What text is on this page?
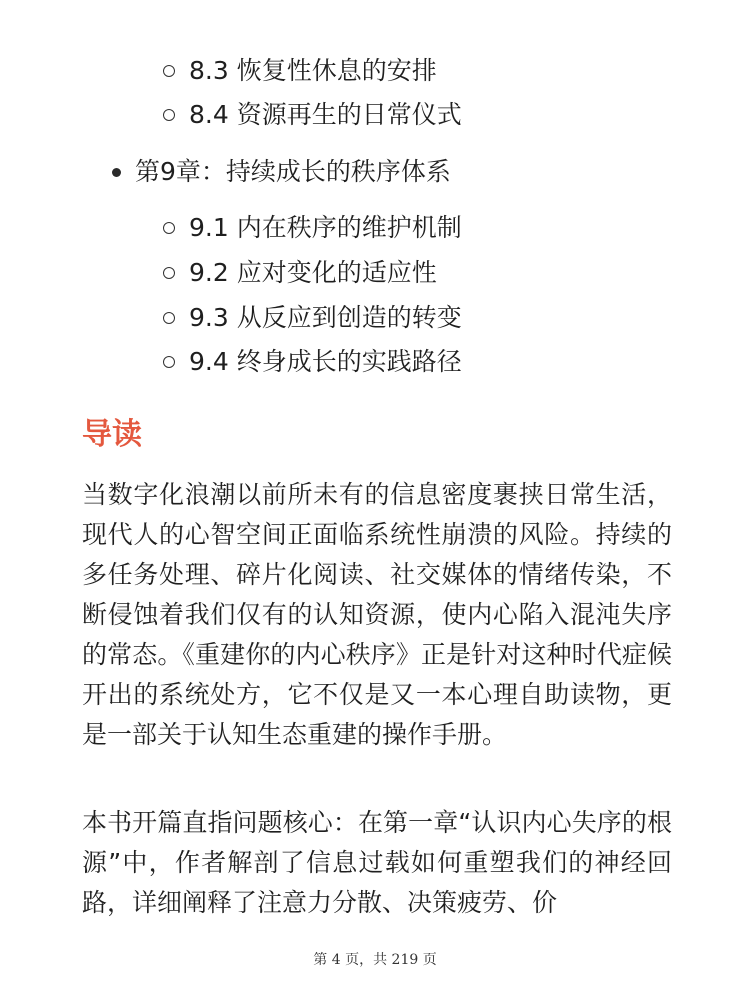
8.3 恢复性休息的安排
8.4 资源再生的日常仪式
第9章：持续成长的秩序体系
9.1 内在秩序的维护机制
9.2 应对变化的适应性
9.3 从反应到创造的转变
9.4 终身成长的实践路径
导读

当数字化浪潮以前所未有的信息密度裹挟日常生活，现代人的心智空间正面临系统性崩溃的风险。持续的多任务处理、碎片化阅读、社交媒体的情绪传染，不断侵蚀着我们仅有的认知资源，使内心陷入混沌失序的常态。《重建你的内心秩序》正是针对这种时代症候开出的系统处方，它不仅是又一本心理自助读物，更是一部关于认知生态重建的操作手册。

本书开篇直指问题核心：在第一章“认识内心失序的根源”中，作者解剖了信息过载如何重塑我们的神经回路，详细阐释了注意力分散、决策疲劳、价

第 4 页，共 219 页
